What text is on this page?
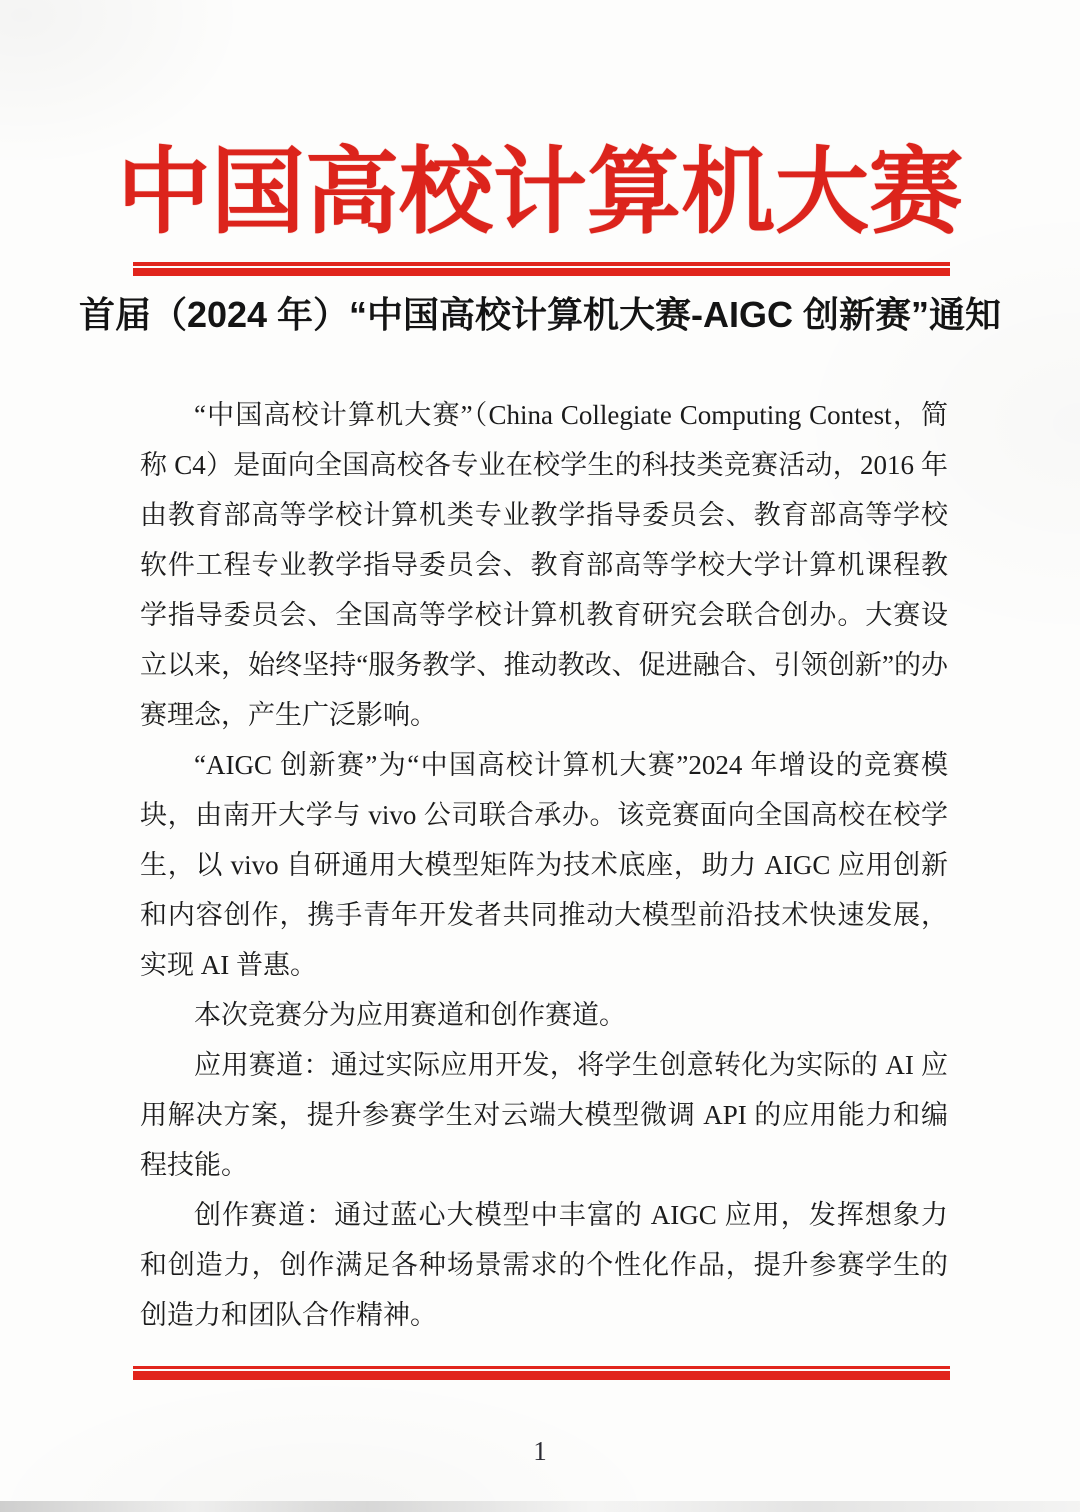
中国高校计算机大赛
首届（2024 年）“中国高校计算机大赛-AIGC 创新赛”通知

“中国高校计算机大赛”（China Collegiate Computing Contest，简称 C4）是面向全国高校各专业在校学生的科技类竞赛活动，2016 年由教育部高等学校计算机类专业教学指导委员会、教育部高等学校软件工程专业教学指导委员会、教育部高等学校大学计算机课程教学指导委员会、全国高等学校计算机教育研究会联合创办。大赛设立以来，始终坚持“服务教学、推动教改、促进融合、引领创新”的办赛理念，产生广泛影响。

“AIGC 创新赛”为“中国高校计算机大赛”2024 年增设的竞赛模块，由南开大学与 vivo 公司联合承办。该竞赛面向全国高校在校学生，以 vivo 自研通用大模型矩阵为技术底座，助力 AIGC 应用创新和内容创作，携手青年开发者共同推动大模型前沿技术快速发展，实现 AI 普惠。

本次竞赛分为应用赛道和创作赛道。

应用赛道：通过实际应用开发，将学生创意转化为实际的 AI 应用解决方案，提升参赛学生对云端大模型微调 API 的应用能力和编程技能。

创作赛道：通过蓝心大模型中丰富的 AIGC 应用，发挥想象力和创造力，创作满足各种场景需求的个性化作品，提升参赛学生的创造力和团队合作精神。

1
